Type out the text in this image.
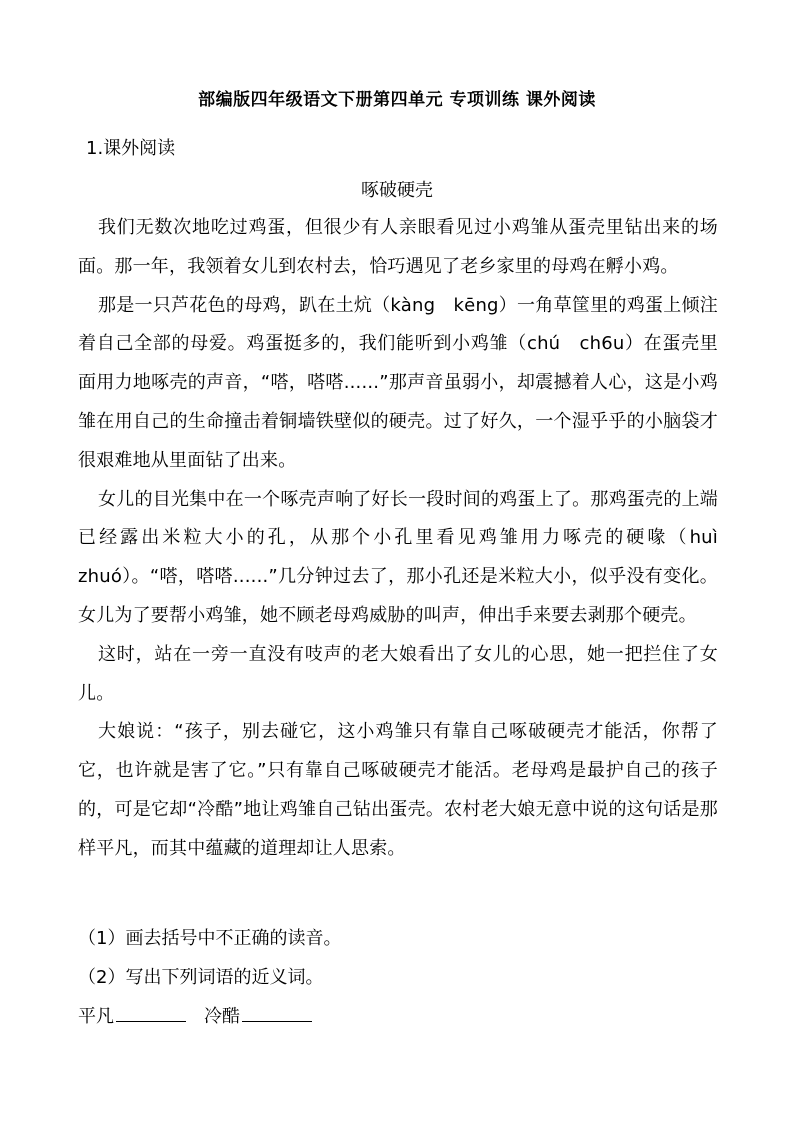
部编版四年级语文下册第四单元 专项训练 课外阅读
1.课外阅读
啄破硬壳

我们无数次地吃过鸡蛋，但很少有人亲眼看见过小鸡雏从蛋壳里钻出来的场面。那一年，我领着女儿到农村去，恰巧遇见了老乡家里的母鸡在孵小鸡。

那是一只芦花色的母鸡，趴在土炕（kàng　kēng）一角草筐里的鸡蛋上倾注着自己全部的母爱。鸡蛋挺多的，我们能听到小鸡雏（chú　ch6u）在蛋壳里面用力地啄壳的声音，“嗒，嗒嗒......”那声音虽弱小，却震撼着人心，这是小鸡雏在用自己的生命撞击着铜墙铁壁似的硬壳。过了好久，一个湿乎乎的小脑袋才很艰难地从里面钻了出来。

女儿的目光集中在一个啄壳声响了好长一段时间的鸡蛋上了。那鸡蛋壳的上端已经露出米粒大小的孔，从那个小孔里看见鸡雏用力啄壳的硬喙（huì　zhuó）。“嗒，嗒嗒......”几分钟过去了，那小孔还是米粒大小，似乎没有变化。女儿为了要帮小鸡雏，她不顾老母鸡威胁的叫声，伸出手来要去剥那个硬壳。

这时，站在一旁一直没有吱声的老大娘看出了女儿的心思，她一把拦住了女儿。

大娘说：“孩子，别去碰它，这小鸡雏只有靠自己啄破硬壳才能活，你帮了它，也许就是害了它。”只有靠自己啄破硬壳才能活。老母鸡是最护自己的孩子的，可是它却“冷酷”地让鸡雏自己钻出蛋壳。农村老大娘无意中说的这句话是那样平凡，而其中蕴藏的道理却让人思索。

（1）画去括号中不正确的读音。

（2）写出下列词语的近义词。

平凡	冷酷
